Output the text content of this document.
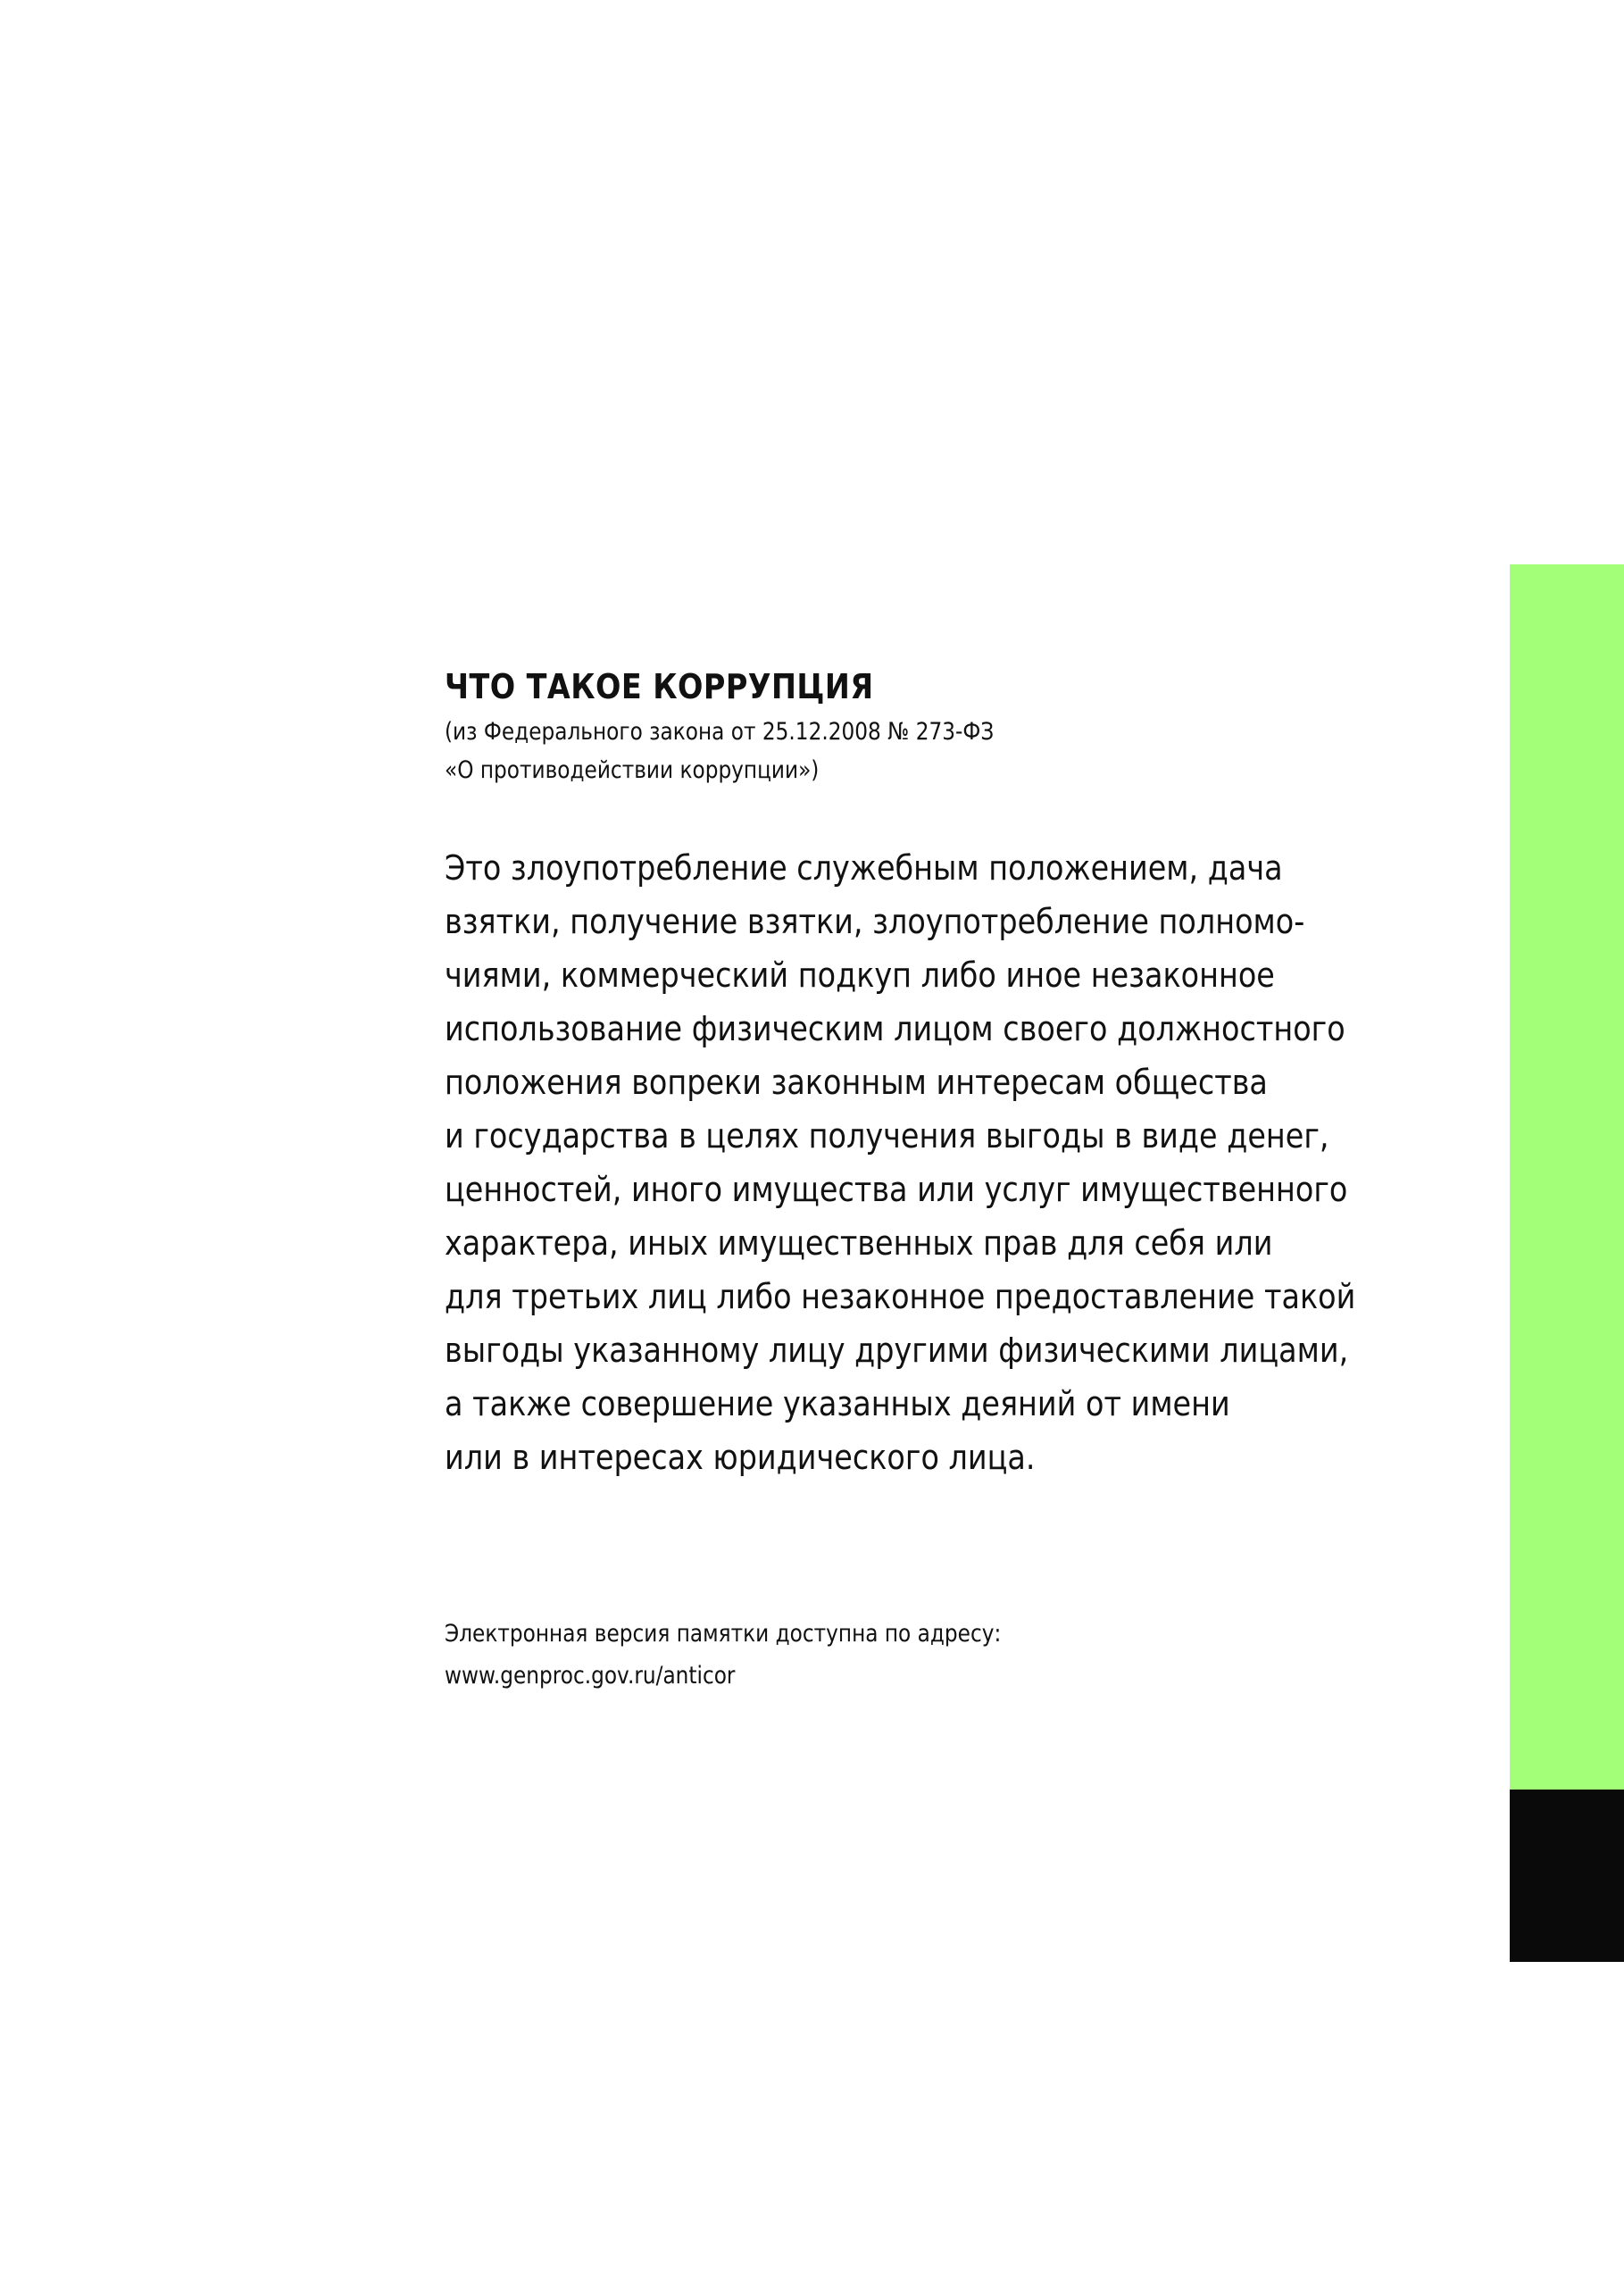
ЧТО ТАКОЕ КОРРУПЦИЯ

(из Федерального закона от 25.12.2008 № 273-ФЗ

«О противодействии коррупции»)

Это злоупотребление служебным положением, дача
взятки, получение взятки, злоупотребление полномо-
чиями, коммерческий подкуп либо иное незаконное
использование физическим лицом своего должностного
положения вопреки законным интересам общества
и государства в целях получения выгоды в виде денег,
ценностей, иного имущества или услуг имущественного
характера, иных имущественных прав для себя или
для третьих лиц либо незаконное предоставление такой
выгоды указанному лицу другими физическими лицами,
а также совершение указанных деяний от имени
или в интересах юридического лица.
Электронная версия памятки доступна по адресу:
www.genproc.gov.ru/anticor
